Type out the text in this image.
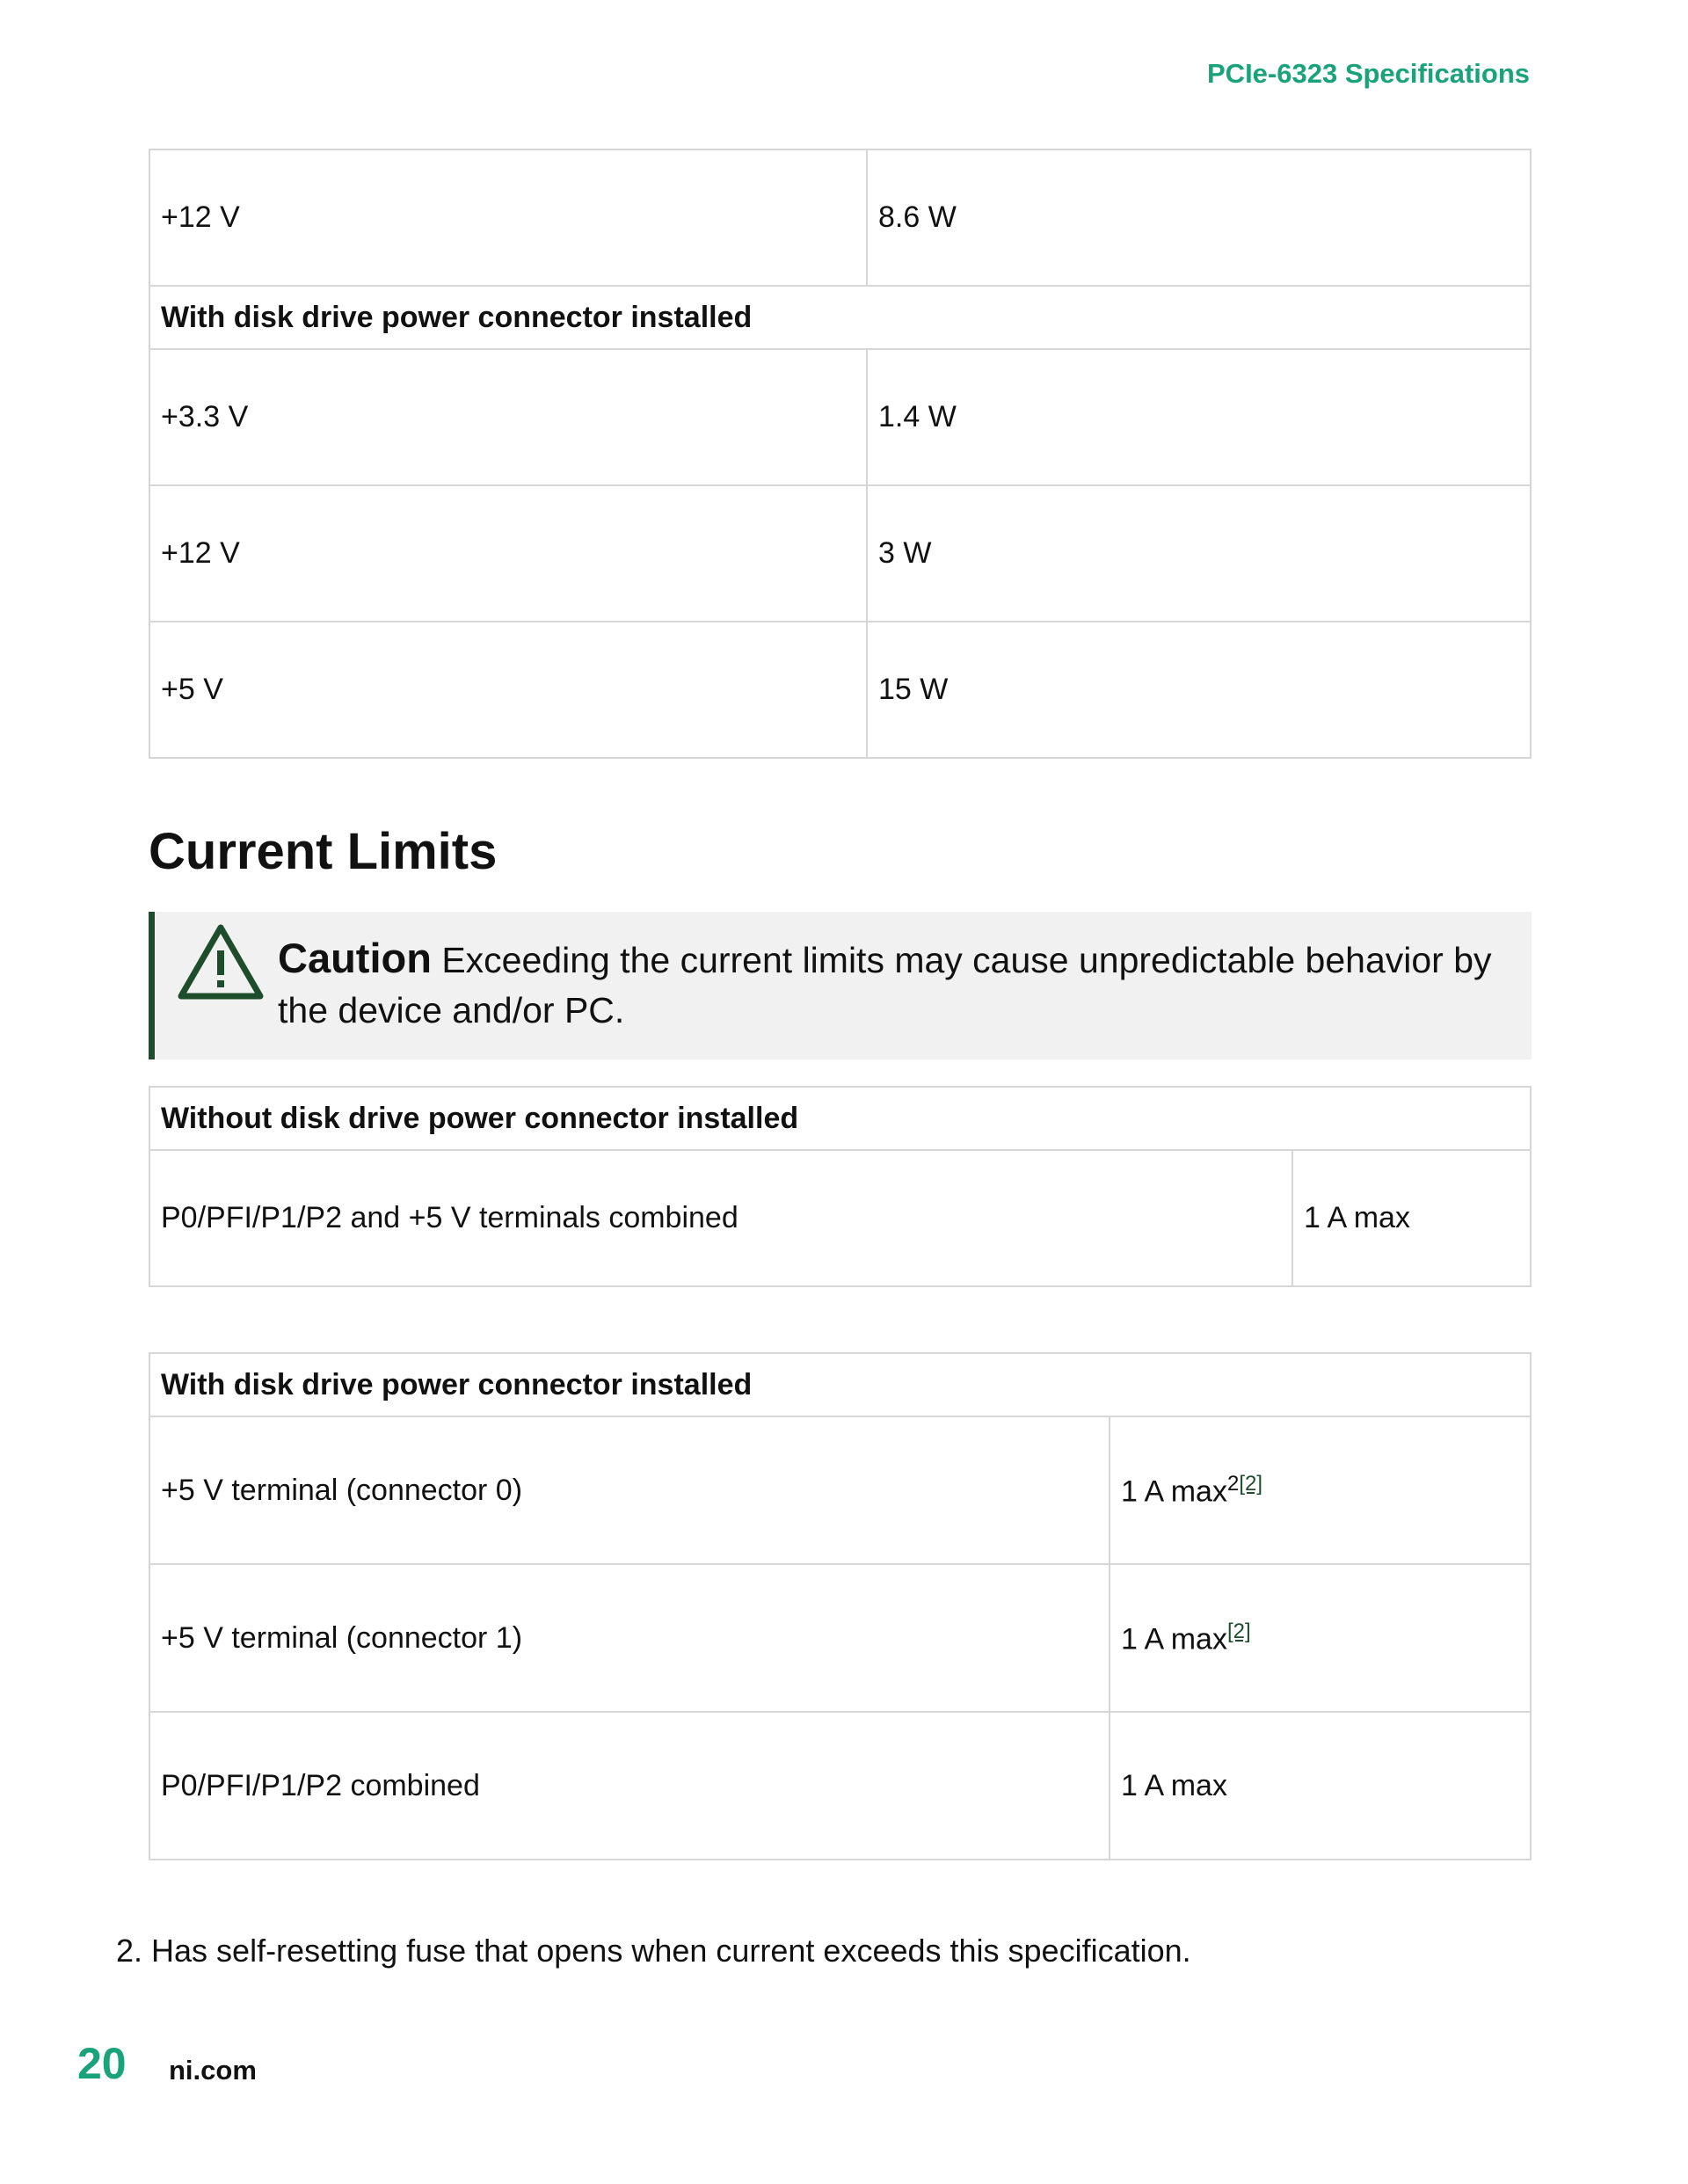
PCIe-6323 Specifications
+12 V	8.6 W
With disk drive power connector installed	
+3.3 V	1.4 W
+12 V	3 W
+5 V	15 W
Current Limits
Caution Exceeding the current limits may cause unpredictable behavior by the device and/or PC.
Without disk drive power connector installed
P0/PFI/P1/P2 and +5 V terminals combined	1 A max
With disk drive power connector installed	
+5 V terminal (connector 0)	1 A max$^{2[2]}$
+5 V terminal (connector 1)	1 A max[2]
P0/PFI/P1/P2 combined	1 A max
2. Has self-resetting fuse that opens when current exceeds this specification.
20 ni.com
